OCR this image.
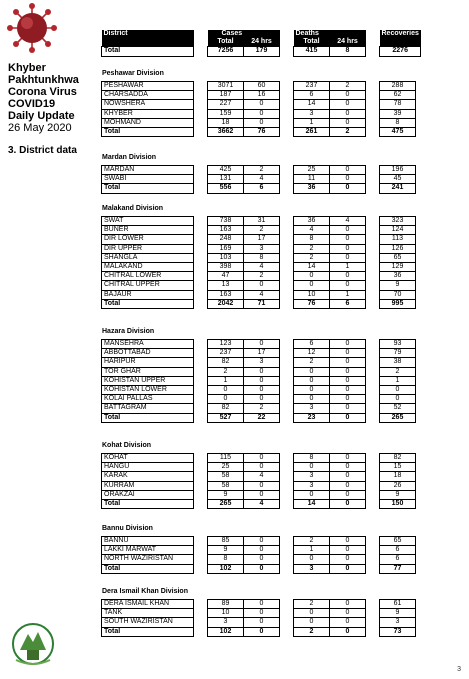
Khyber
Pakhtunkhwa
Corona Virus
COVID19
Daily Update
26 May 2020
3. District data
District		Cases			Deaths			Recoveries
		Total	24 hrs		Total	24 hrs		
Total		7256	179		415	8		2276
Peshawar Division
PESHAWAR		3071	60		237	2		288
CHARSADDA		187	16		6	0		62
NOWSHERA		227	0		14	0		78
KHYBER		159	0		3	0		39
MOHMAND		18	0		1	0		8
Total		3662	76		261	2		475
Mardan Division
MARDAN		425	2		25	0		196
SWABI		131	4		11	0		45
Total		556	6		36	0		241
Malakand Division
SWAT		738	31		36	4		323
BUNER		163	2		4	0		124
DIR LOWER		248	17		8	0		113
DIR UPPER		169	3		2	0		126
SHANGLA		103	8		2	0		65
MALAKAND		398	4		14	1		129
CHITRAL LOWER		47	2		0	0		36
CHITRAL UPPER		13	0		0	0		9
BAJAUR		163	4		10	1		70
Total		2042	71		76	6		995
Hazara Division
MANSEHRA		123	0		6	0		93
ABBOTTABAD		237	17		12	0		79
HARIPUR		82	3		2	0		38
TOR GHAR		2	0		0	0		2
KOHISTAN UPPER		1	0		0	0		1
KOHISTAN LOWER		0	0		0	0		0
KOLAI PALLAS		0	0		0	0		0
BATTAGRAM		82	2		3	0		52
Total		527	22		23	0		265
Kohat Division
KOHAT		115	0		8	0		82
HANGU		25	0		0	0		15
KARAK		58	4		3	0		18
KURRAM		58	0		3	0		26
ORAKZAI		9	0		0	0		9
Total		265	4		14	0		150
Bannu Division
BANNU		85	0		2	0		65
LAKKI MARWAT		9	0		1	0		6
NORTH WAZIRISTAN		8	0		0	0		6
Total		102	0		3	0		77
Dera Ismail Khan Division
DERA ISMAIL KHAN		89	0		2	0		61
TANK		10	0		0	0		9
SOUTH WAZIRISTAN		3	0		0	0		3
Total		102	0		2	0		73
3
